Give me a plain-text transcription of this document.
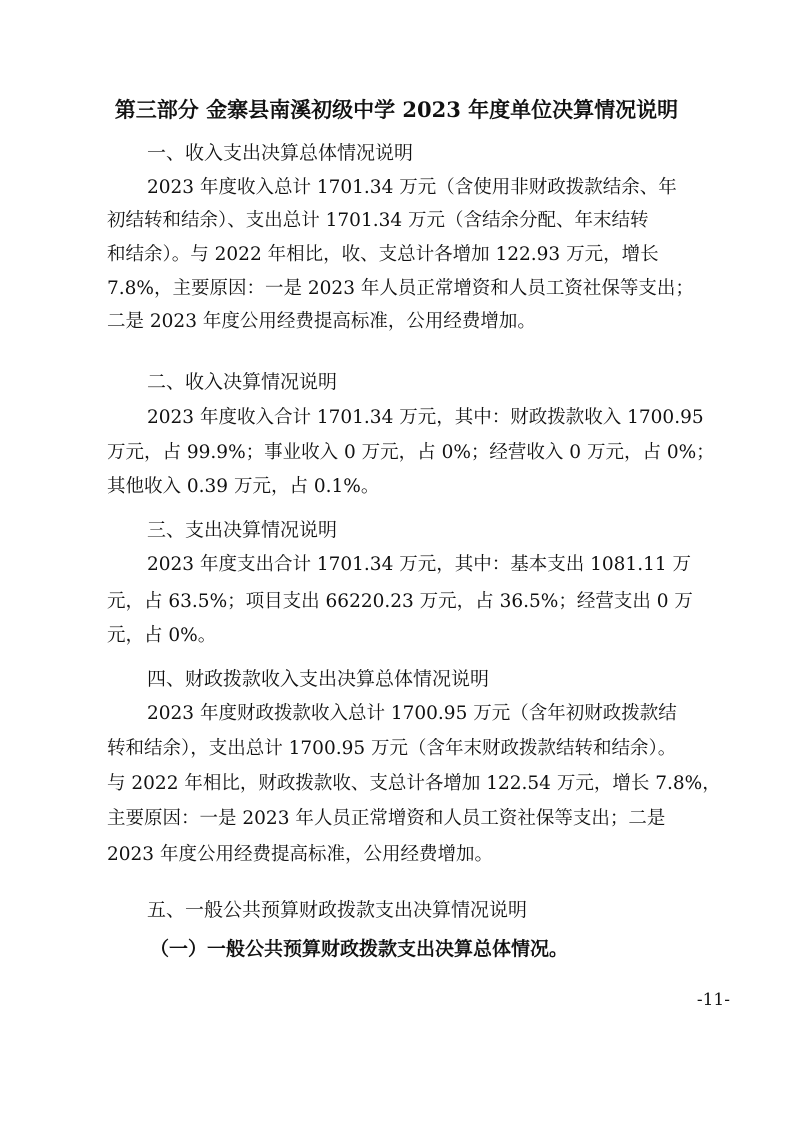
第三部分 金寨县南溪初级中学 2023 年度单位决算情况说明
一、收入支出决算总体情况说明
2023 年度收入总计 1701.34 万元（含使用非财政拨款结余、年
初结转和结余）、支出总计 1701.34 万元（含结余分配、年末结转
和结余）。与 2022 年相比，收、支总计各增加 122.93 万元，增长
7.8%，主要原因：一是 2023 年人员正常增资和人员工资社保等支出；
二是 2023 年度公用经费提高标准，公用经费增加。
二、收入决算情况说明
2023 年度收入合计 1701.34 万元，其中：财政拨款收入 1700.95
万元，占 99.9%；事业收入 0 万元，占 0%；经营收入 0 万元，占 0%；
其他收入 0.39 万元，占 0.1%。
三、支出决算情况说明
2023 年度支出合计 1701.34 万元，其中：基本支出 1081.11 万
元，占 63.5%；项目支出 66220.23 万元，占 36.5%；经营支出 0 万
元，占 0%。
四、财政拨款收入支出决算总体情况说明
2023 年度财政拨款收入总计 1700.95 万元（含年初财政拨款结
转和结余），支出总计 1700.95 万元（含年末财政拨款结转和结余）。
与 2022 年相比，财政拨款收、支总计各增加 122.54 万元，增长 7.8%，
主要原因：一是 2023 年人员正常增资和人员工资社保等支出；二是
2023 年度公用经费提高标准，公用经费增加。
五、一般公共预算财政拨款支出决算情况说明
（一）一般公共预算财政拨款支出决算总体情况。
-11-
